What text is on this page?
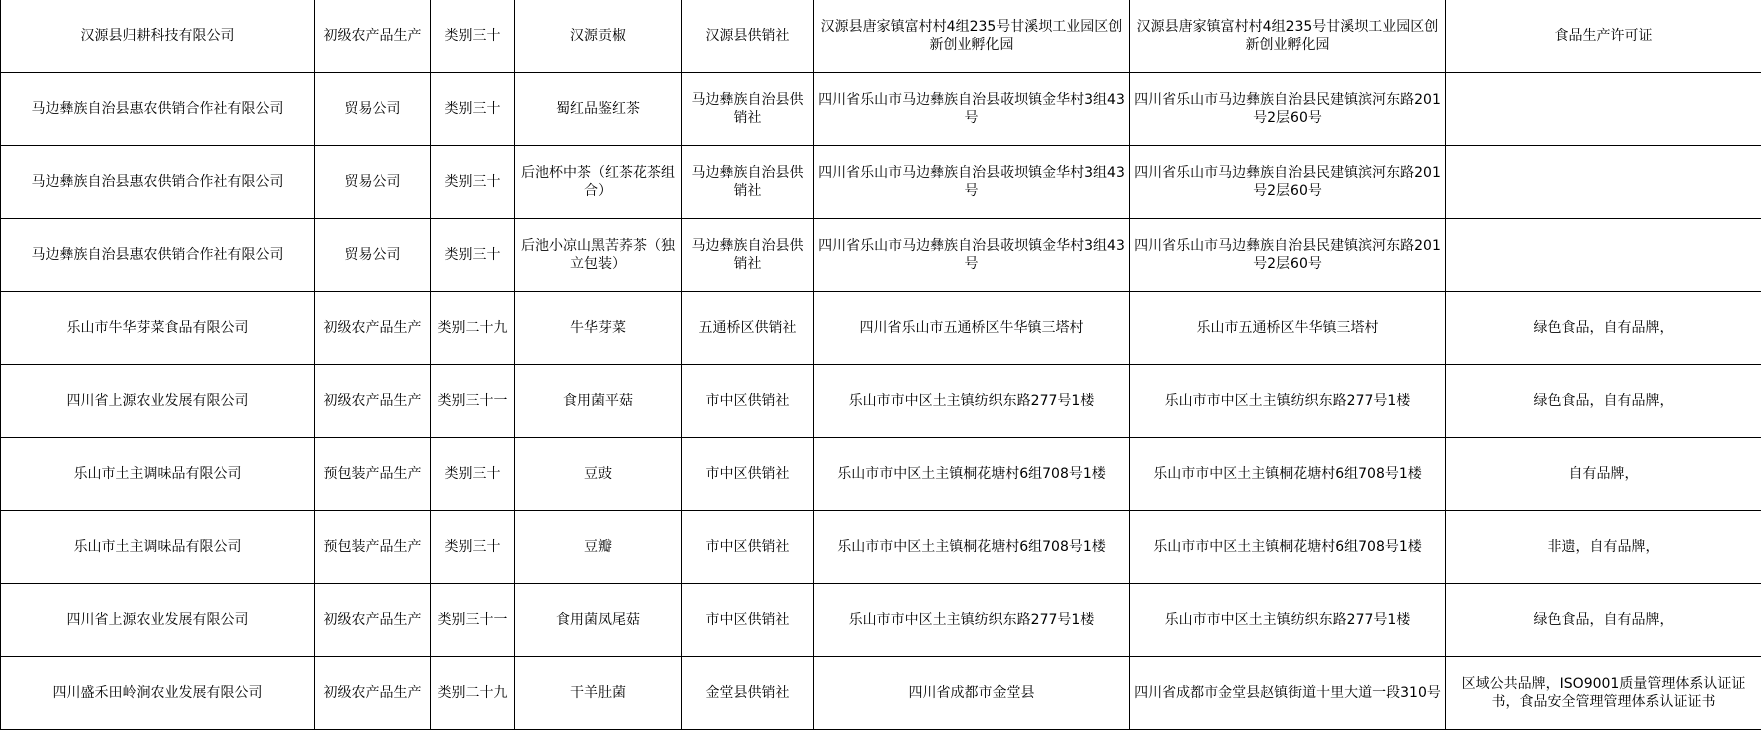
汉源县归耕科技有限公司	初级农产品生产	类别三十	汉源贡椒	汉源县供销社	汉源县唐家镇富村村4组235号甘溪坝工业园区创新创业孵化园	汉源县唐家镇富村村4组235号甘溪坝工业园区创新创业孵化园	食品生产许可证
马边彝族自治县惠农供销合作社有限公司	贸易公司	类别三十	蜀红品鉴红茶	马边彝族自治县供销社	四川省乐山市马边彝族自治县荍坝镇金华村3组43号	四川省乐山市马边彝族自治县民建镇滨河东路201号2层60号	
马边彝族自治县惠农供销合作社有限公司	贸易公司	类别三十	后池杯中茶（红茶花茶组合）	马边彝族自治县供销社	四川省乐山市马边彝族自治县荍坝镇金华村3组43号	四川省乐山市马边彝族自治县民建镇滨河东路201号2层60号	
马边彝族自治县惠农供销合作社有限公司	贸易公司	类别三十	后池小凉山黑苦荞茶（独立包装）	马边彝族自治县供销社	四川省乐山市马边彝族自治县荍坝镇金华村3组43号	四川省乐山市马边彝族自治县民建镇滨河东路201号2层60号	
乐山市牛华芽菜食品有限公司	初级农产品生产	类别二十九	牛华芽菜	五通桥区供销社	四川省乐山市五通桥区牛华镇三塔村	乐山市五通桥区牛华镇三塔村	绿色食品，自有品牌，
四川省上源农业发展有限公司	初级农产品生产	类别三十一	食用菌平菇	市中区供销社	乐山市市中区土主镇纺织东路277号1楼	乐山市市中区土主镇纺织东路277号1楼	绿色食品，自有品牌，
乐山市土主调味品有限公司	预包装产品生产	类别三十	豆豉	市中区供销社	乐山市市中区土主镇桐花塘村6组708号1楼	乐山市市中区土主镇桐花塘村6组708号1楼	自有品牌，
乐山市土主调味品有限公司	预包装产品生产	类别三十	豆瓣	市中区供销社	乐山市市中区土主镇桐花塘村6组708号1楼	乐山市市中区土主镇桐花塘村6组708号1楼	非遗，自有品牌，
四川省上源农业发展有限公司	初级农产品生产	类别三十一	食用菌凤尾菇	市中区供销社	乐山市市中区土主镇纺织东路277号1楼	乐山市市中区土主镇纺织东路277号1楼	绿色食品，自有品牌，
四川盛禾田岭涧农业发展有限公司	初级农产品生产	类别二十九	干羊肚菌	金堂县供销社	四川省成都市金堂县	四川省成都市金堂县赵镇街道十里大道一段310号	区域公共品牌，ISO9001质量管理体系认证证书，食品安全管理管理体系认证证书
